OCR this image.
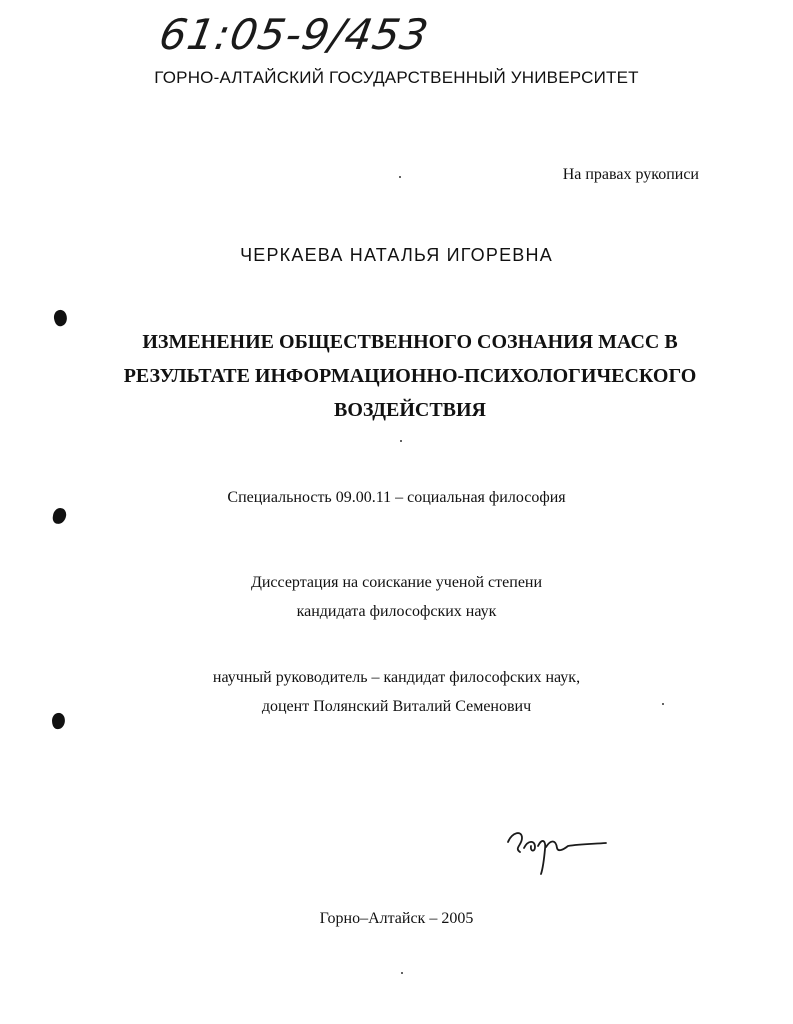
61:05-9/453
ГОРНО-АЛТАЙСКИЙ ГОСУДАРСТВЕННЫЙ УНИВЕРСИТЕТ
На правах рукописи
ЧЕРКАЕВА НАТАЛЬЯ ИГОРЕВНА
ИЗМЕНЕНИЕ ОБЩЕСТВЕННОГО СОЗНАНИЯ МАСС В
РЕЗУЛЬТАТЕ ИНФОРМАЦИОННО-ПСИХОЛОГИЧЕСКОГО
ВОЗДЕЙСТВИЯ
Специальность 09.00.11 – социальная философия
Диссертация на соискание ученой степени
кандидата философских наук
научный руководитель – кандидат философских наук,
доцент Полянский Виталий Семенович
Горно–Алтайск – 2005
